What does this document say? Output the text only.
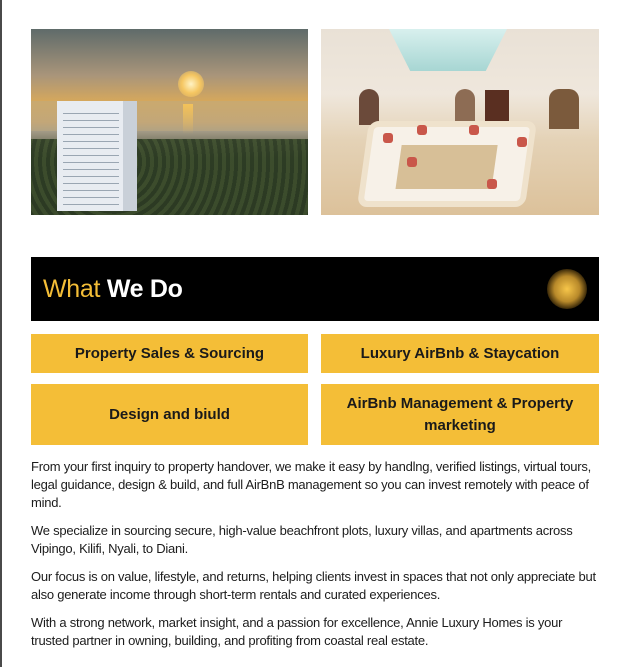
What We Do
Property Sales & Sourcing	Luxury AirBnb & Staycation
Design and biuld
AirBnb Management & Property marketing

From your first inquiry to property handover, we make it easy by handlng, verified listings, virtual tours, legal guidance, design & build, and full AirBnB management so you can invest remotely with peace of mind.

We specialize in sourcing secure, high-value beachfront plots, luxury villas, and apartments across Vipingo, Kilifi, Nyali, to Diani.

Our focus is on value, lifestyle, and returns, helping clients invest in spaces that not only appreciate but also generate income through short-term rentals and curated experiences.

With a strong network, market insight, and a passion for excellence, Annie Luxury Homes is your trusted partner in owning, building, and profiting from coastal real estate.
